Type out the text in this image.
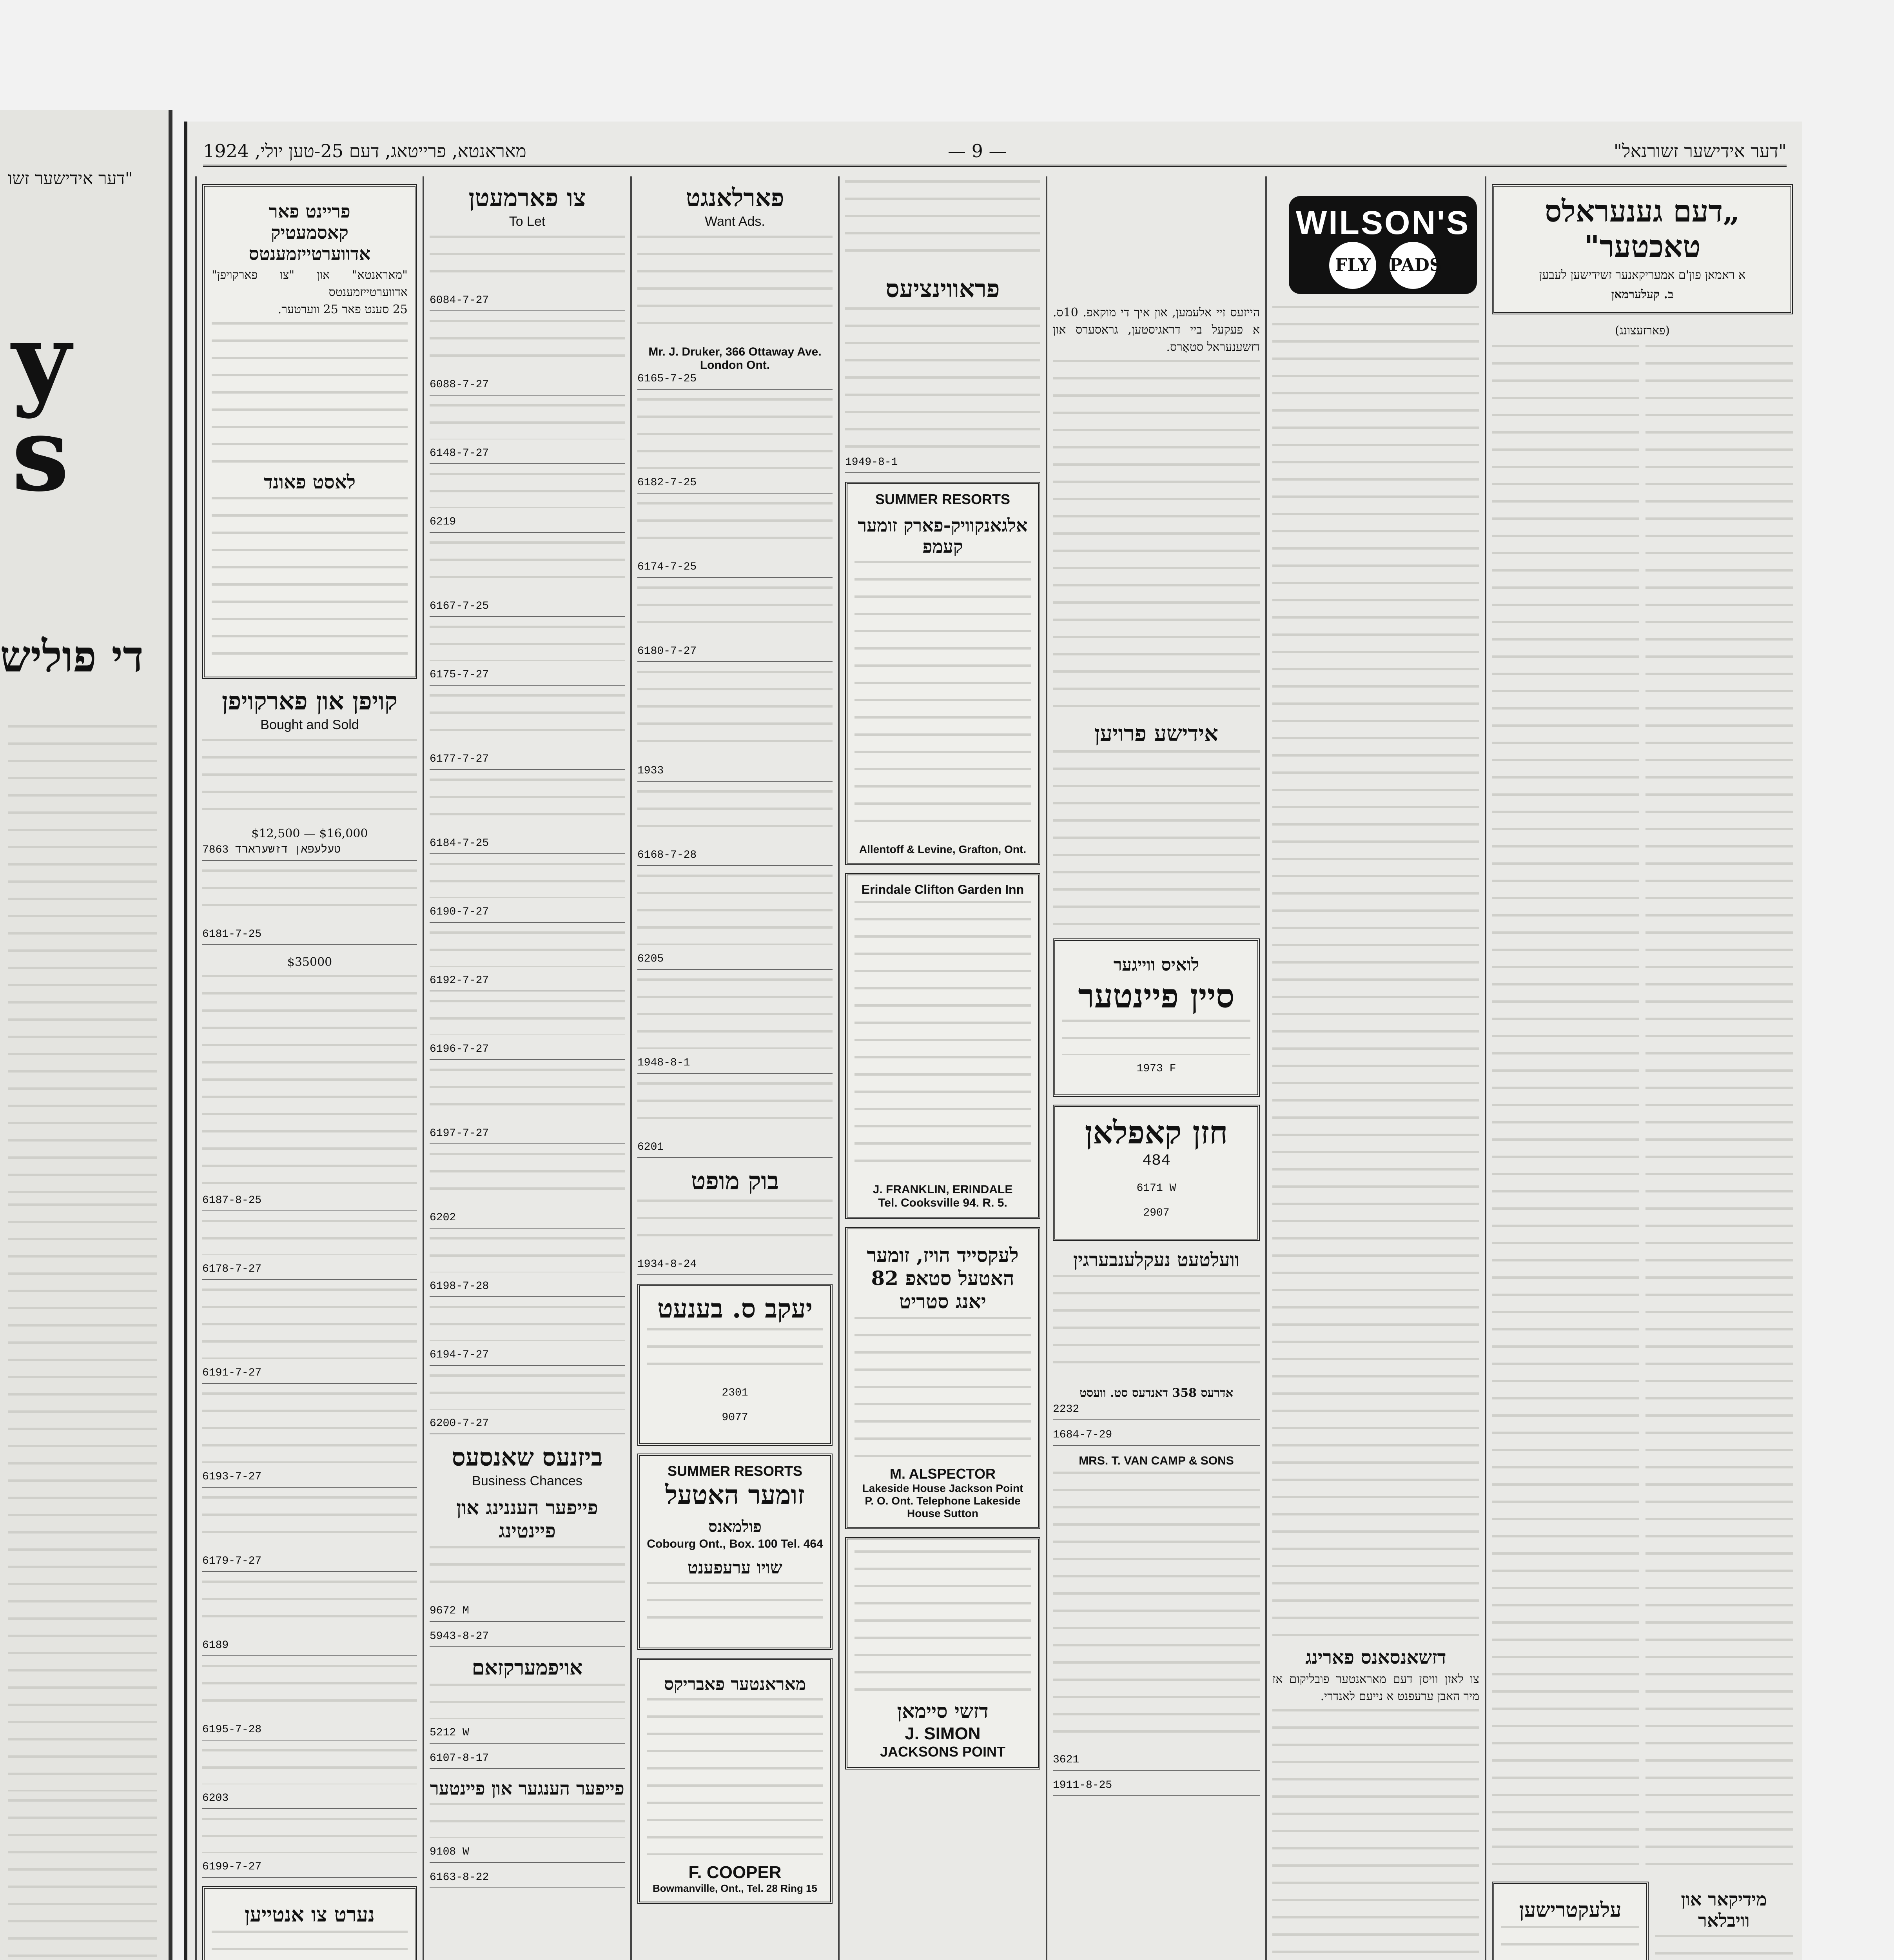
"דער אידישער זשו
y s
די פוליש
מאראנטא, פרייטאג, דעם 25-טען יולי, 1924	— 9 —	"דער אידישער זשורנאל"
פריינט פאר
קאסמעטיק אדווערטייזמענטס
"מאראנטא" און "צו פארקויפן" אדווערטייזמענטס
25 סענט פאר 25 ווערטער.
לאסט פאונד
קויפן און פארקויפן
Bought and Sold
$16,000 — $12,500
טעלעפאן דזשערארד 7863
6181-7-25
$35000
6187-8-25
6178-7-27
6191-7-27
6193-7-27
6179-7-27
6189
6195-7-28
6203
6199-7-27
נערט צו אנטייען
צו פארמעטן
To Let
6084-7-27
6088-7-27
6148-7-27
6219
6167-7-25
6175-7-27
6177-7-27
6184-7-25
6190-7-27
6192-7-27
6196-7-27
6197-7-27
6202
6198-7-28
6194-7-27
6200-7-27
ביזנעס שאנסעס
Business Chances
פייפער העננינג און פיינטינג
9672 M
5943-8-27
אויפמערקזאם
5212 W
6107-8-17
פייפער הענגער און פיינטער
9108 W
6163-8-22
פארלאנגט
Want Ads.
Mr. J. Druker, 366 Ottaway Ave. London Ont.
6165-7-25
6182-7-25
6174-7-25
6180-7-27
1933
6168-7-28
6205
1948-8-1
6201
בוק מופט
1934-8-24
יעקב ס. בענעט
2301
9077
SUMMER RESORTS
זומער האטעל
פולמאנס
Cobourg Ont., Box. 100 Tel. 464
שויו ערעפענט
מאראנטער פאבריקס
F. COOPER
Bowmanville, Ont., Tel. 28 Ring 15
פראווינציעס
1949-8-1
SUMMER RESORTS
אלגאנקוויק-פארק זומער קעמפ
Allentoff & Levine, Grafton, Ont.
Erindale Clifton Garden Inn
J. FRANKLIN, ERINDALE
Tel. Cooksville 94. R. 5.
לעקסייד הויז, זומער האטעל סטאפ 82 יאנג סטריט
M. ALSPECTOR
Lakeside House Jackson Point
P. O. Ont. Telephone Lakeside
House Sutton
דזשי סיימאן
J. SIMON
JACKSONS POINT
הייזעס זיי אלעמען, און איך די מוקאפ. 10ס. א פעקעל ביי דראגיסטען, גראסערס און דזשענעראל סטאָרס.
אידישע פרויען
לואיס ווייגער
סיין פיינטער
1973 F
חזן קאפלאן
484
6171 W
2907
וועלטעט נעקלענבערגין
אדרעס 358 דאנדעס סט. וועסט
2232
1684-7-29
MRS. T. VAN CAMP & SONS
3621
1911-8-25
WILSON'S
FLY PADS
דזשאנסאנס פארינג
צו לאזן וויסן דעם מאראנטער פובליקום אז מיר האבן ערעפנט א נייעם לאנדרי.
„דעם גענעראלס טאכטער"
א ראמאן פון'ם אמעריקאנער זשידישען לעבען
ב. קעלערמאן
(פארזעצונג)
עלעקטרישען	מידיקאר און וויבלאר
